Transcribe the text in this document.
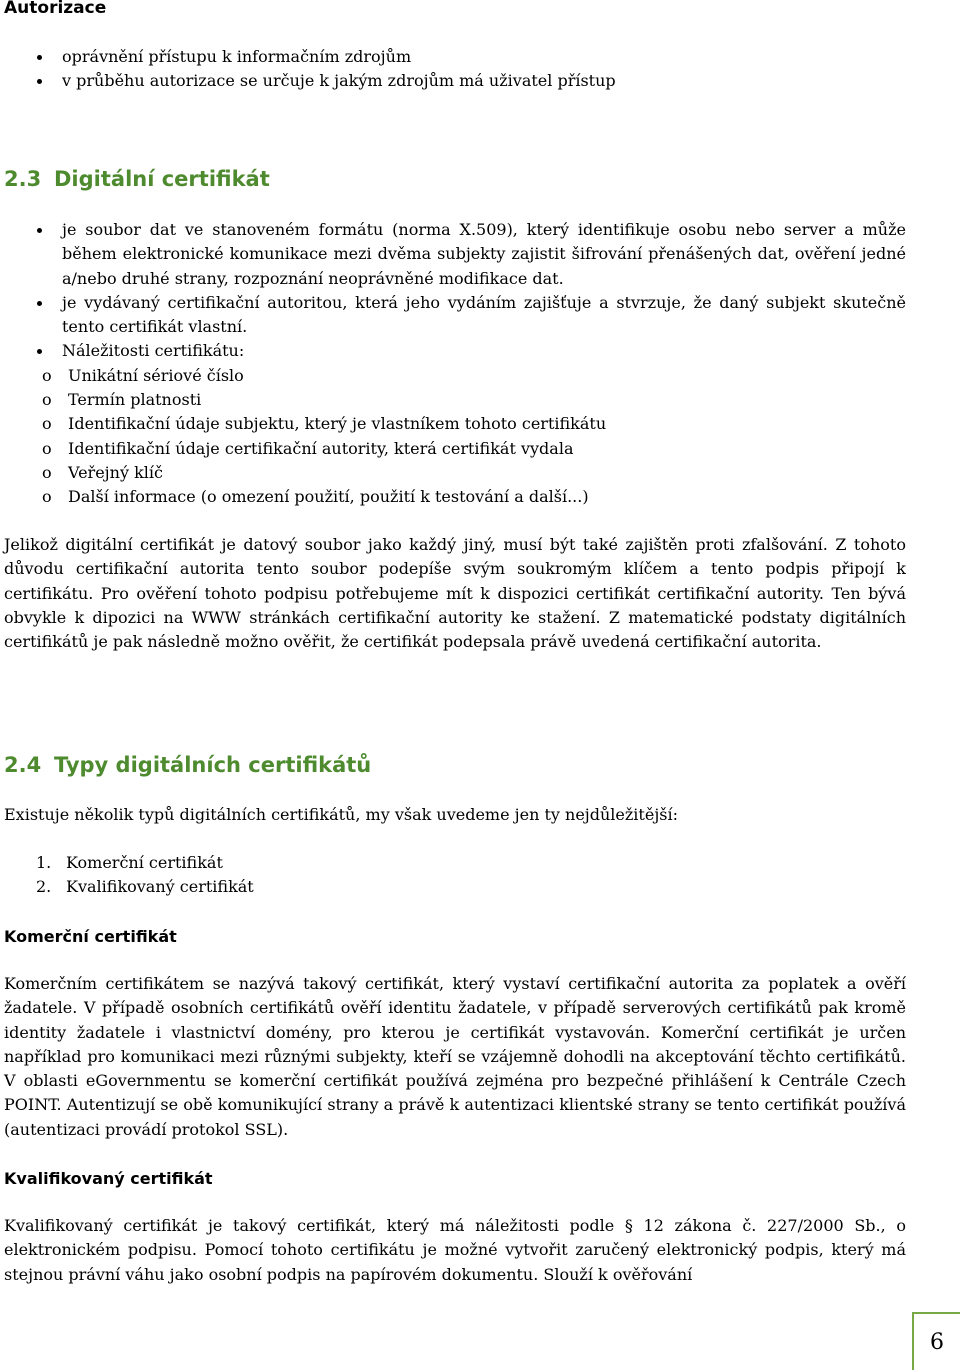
Autorizace
oprávnění přístupu k informačním zdrojům
v průběhu autorizace se určuje k jakým zdrojům má uživatel přístup
2.3 Digitální certifikát
je soubor dat ve stanoveném formátu (norma X.509), který identifikuje osobu nebo server a může během elektronické komunikace mezi dvěma subjekty zajistit šifrování přenášených dat, ověření jedné a/nebo druhé strany, rozpoznání neoprávněné modifikace dat.
je vydávaný certifikační autoritou, která jeho vydáním zajišťuje a stvrzuje, že daný subjekt skutečně tento certifikát vlastní.
Náležitosti certifikátu:
o Unikátní sériové číslo
o Termín platnosti
o Identifikační údaje subjektu, který je vlastníkem tohoto certifikátu
o Identifikační údaje certifikační autority, která certifikát vydala
o Veřejný klíč
o Další informace (o omezení použití, použití k testování a další...)

Jelikož digitální certifikát je datový soubor jako každý jiný, musí být také zajištěn proti zfalšování. Z tohoto důvodu certifikační autorita tento soubor podepíše svým soukromým klíčem a tento podpis připojí k certifikátu. Pro ověření tohoto podpisu potřebujeme mít k dispozici certifikát certifikační autority. Ten bývá obvykle k dipozici na WWW stránkách certifikační autority ke stažení. Z matematické podstaty digitálních certifikátů je pak následně možno ověřit, že certifikát podepsala právě uvedená certifikační autorita.

2.4 Typy digitálních certifikátů

Existuje několik typů digitálních certifikátů, my však uvedeme jen ty nejdůležitější:

1. Komerční certifikát
2. Kvalifikovaný certifikát
Komerční certifikát

Komerčním certifikátem se nazývá takový certifikát, který vystaví certifikační autorita za poplatek a ověří žadatele. V případě osobních certifikátů ověří identitu žadatele, v případě serverových certifikátů pak kromě identity žadatele i vlastnictví domény, pro kterou je certifikát vystavován. Komerční certifikát je určen například pro komunikaci mezi různými subjekty, kteří se vzájemně dohodli na akceptování těchto certifikátů. V oblasti eGovernmentu se komerční certifikát používá zejména pro bezpečné přihlášení k Centrále Czech POINT. Autentizují se obě komunikující strany a právě k autentizaci klientské strany se tento certifikát používá (autentizaci provádí protokol SSL).

Kvalifikovaný certifikát

Kvalifikovaný certifikát je takový certifikát, který má náležitosti podle § 12 zákona č. 227/2000 Sb., o elektronickém podpisu. Pomocí tohoto certifikátu je možné vytvořit zaručený elektronický podpis, který má stejnou právní váhu jako osobní podpis na papírovém dokumentu. Slouží k ověřování

6
